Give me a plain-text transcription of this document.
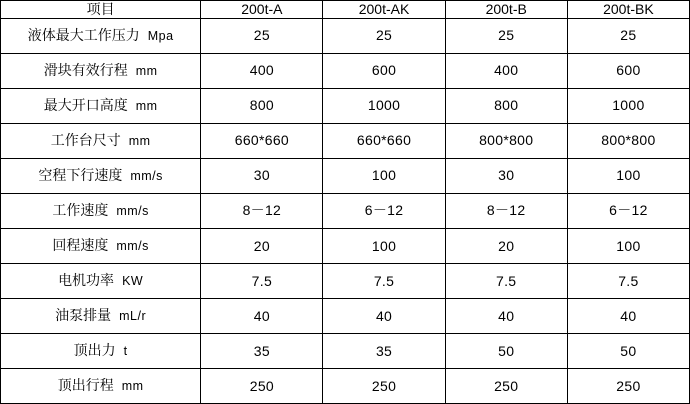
项目	200t-A	200t-AK	200t-B	200t-BK
液体最大工作压力 Mpa	25	25	25	25
滑块有效行程 mm	400	600	400	600
最大开口高度 mm	800	1000	800	1000
工作台尺寸 mm	660*660	660*660	800*800	800*800
空程下行速度 mm/s	30	100	30	100
工作速度 mm/s	8－12	6－12	8－12	6－12
回程速度 mm/s	20	100	20	100
电机功率 KW	7.5	7.5	7.5	7.5
油泵排量 mL/r	40	40	40	40
顶出力 t	35	35	50	50
顶出行程 mm	250	250	250	250
